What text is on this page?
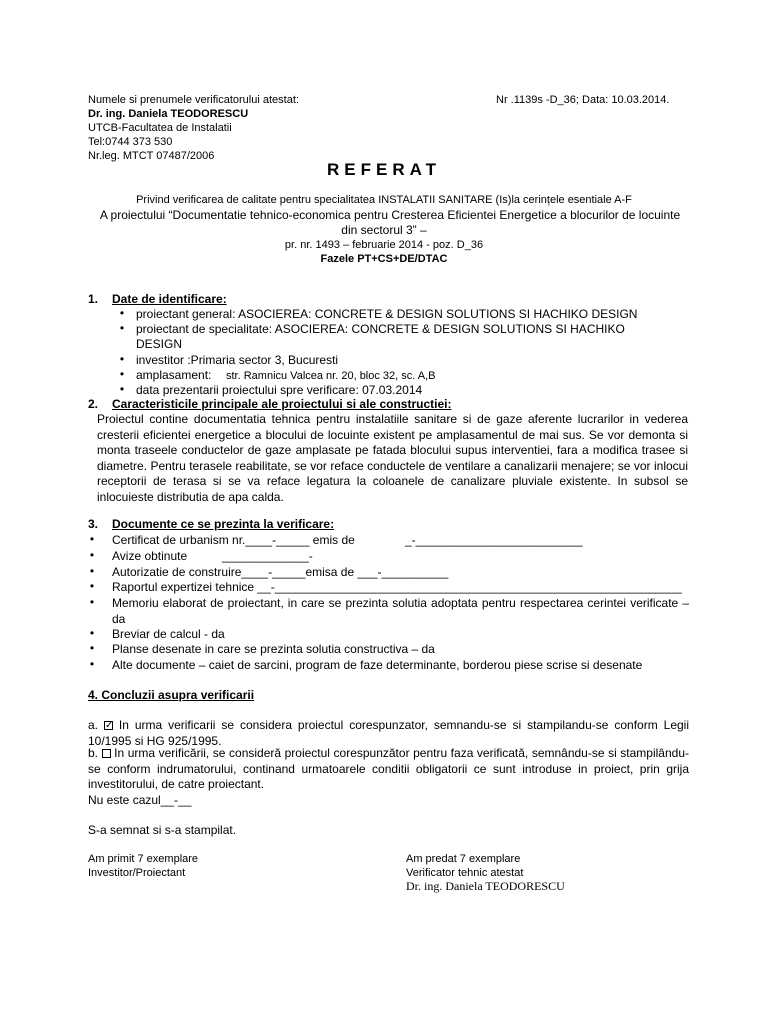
Numele si prenumele verificatorului atestat:
Dr. ing. Daniela TEODORESCU
UTCB-Facultatea de Instalatii
Tel:0744 373 530
Nr.leg. MTCT 07487/2006
Nr .1139s -D_36; Data: 10.03.2014.
REFERAT
Privind verificarea de calitate pentru specialitatea INSTALATII SANITARE (Is)la cerințele esentiale A-F
A proiectului “Documentatie tehnico-economica pentru Cresterea Eficientei Energetice a blocurilor de locuinte
din sectorul 3” –
pr. nr. 1493 – februarie 2014 - poz. D_36
Fazele PT+CS+DE/DTAC
1. Date de identificare:
• proiectant general: ASOCIEREA: CONCRETE & DESIGN SOLUTIONS SI HACHIKO DESIGN
• proiectant de specialitate: ASOCIEREA: CONCRETE & DESIGN SOLUTIONS SI HACHIKO
DESIGN
• investitor :Primaria sector 3, Bucuresti
• amplasament: str. Ramnicu Valcea nr. 20, bloc 32, sc. A,B
• data prezentarii proiectului spre verificare: 07.03.2014
2. Caracteristicile principale ale proiectului si ale constructiei:
Proiectul contine documentatia tehnica pentru instalatiile sanitare si de gaze aferente lucrarilor in vederea cresterii eficientei energetice a blocului de locuinte existent pe amplasamentul de mai sus. Se vor demonta si monta traseele conductelor de gaze amplasate pe fatada blocului supus interventiei, fara a modifica trasee si diametre. Pentru terasele reabilitate, se vor reface conductele de ventilare a canalizarii menajere; se vor inlocui receptorii de terasa si se va reface legatura la coloanele de canalizare pluviale existente. In subsol se inlocuieste distributia de apa calda.
3. Documente ce se prezinta la verificare:
• Certificat de urbanism nr.____-_____ emis de	_-_________________________
• Avize obtinute	_____________-
• Autorizatie de construire____-_____emisa de ___-__________
• Raportul expertizei tehnice __-_____________________________________________________________
• Memoriu elaborat de proiectant, in care se prezinta solutia adoptata pentru respectarea cerintei verificate – da
• Breviar de calcul - da
• Planse desenate in care se prezinta solutia constructiva – da
• Alte documente – caiet de sarcini, program de faze determinante, borderou piese scrise si desenate
4. Concluzii asupra verificarii
a. ✓ In urma verificarii se considera proiectul corespunzator, semnandu-se si stampilandu-se conform Legii 10/1995 si HG 925/1995.
b. In urma verificării, se consideră proiectul corespunzător pentru faza verificată, semnându-se si stampilându-se conform indrumatorului, continand urmatoarele conditii obligatorii ce sunt introduse in proiect, prin grija investitorului, de catre proiectant.
Nu este cazul__-__
S-a semnat si s-a stampilat.
Am primit 7 exemplare
Investitor/Proiectant
Am predat 7 exemplare
Verificator tehnic atestat
Dr. ing. Daniela TEODORESCU
